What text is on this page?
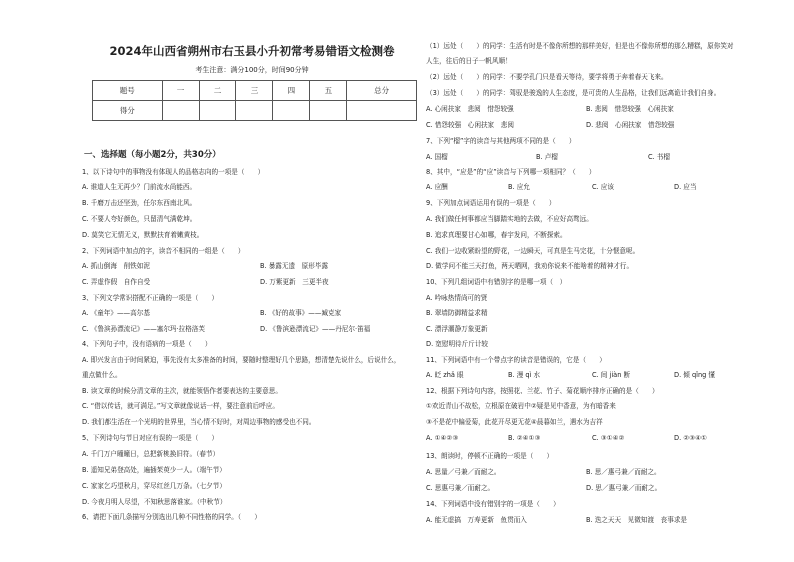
2024年山西省朔州市右玉县小升初常考易错语文检测卷
考生注意：满分100分，时间90分钟
题号	一	二	三	四	五	总分
得分						
一、选择题（每小题2分，共30分）
1、以下诗句中的事物没有体现人的品格志向的一项是（　　）
A. 谁道人生无再少？门前流水尚能西。
B. 千磨万击还坚劲，任尔东西南北风。
C. 不要人夸好颜色，只留清气满乾坤。
D. 莫笑它无情无义，默默扶育着嫩黄枝。
2、下列词语中加点的字，读音不相同的一组是（　　）
A. 抓山倒海　削铁如泥	B. 暴露无遗　原形毕露
C. 弄虚作假　自作自受	D. 万紫更新　三更半夜
3、下列文学常识搭配不正确的一项是（　　）
A. 《童年》——高尔基	B. 《好的故事》——臧克家
C. 《鲁滨孙漂流记》——塞尔玛·拉格洛芙	D. 《鲁滨逊漂流记》——丹尼尔·笛福
4、下列句子中，没有语病的一项是（　　）
A. 即兴发言由于时间紧迫，事先没有太多准备的时间，要随时整理好几个思路，想清楚先说什么，后说什么，
重点做什么。
B. 读文章的时候分清文章的主次，就能领悟作者要表达的主要意思。
C. “借以传话，就可满足。”写文章就像说话一样，要注意前后呼应。
D. 我们都生活在一个光明的世界里，当心情不好时，对周边事物的感受也不同。
5、下列诗句与节日对应有误的一项是（　　）
A. 千门万户曈曈日，总把新桃换旧符。（春节）
B. 遥知兄弟登高处，遍插茱萸少一人。（端午节）
C. 家家乞巧望秋月，穿尽红丝几万条。（七夕节）
D. 今夜月明人尽望，不知秋思落谁家。（中秋节）
6、请把下面几条描写分别选出几种不同性格的同学。（　　）
（1）远处（　　）的同学：生活有时是不像你所想的那样美好，但是也不像你所想的那么糟糕，原你笑对
人生，往后的日子一帆风顺！
（2）远处（　　）的同学：不要学孔门只是看天等待，要学将勇于奔着春天飞来。
（3）远处（　　）的同学：驾驭是骏逸的人生态度，是可贵的人生品格，让我们远离诡计我们自身。
A. 心闲扶家　悲阅　惜怨较强	B. 悲阅　惜怨较强　心闲扶家
C. 惜怨较强　心闲扶家　悲阅	D. 悲阅　心闲扶家　惜怨较强
7、下列“榴”字的读音与其他两项不同的是（　　）
A. 国榴	B. 卢榴	C. 书榴
8、其中，“应是”的“应”读音与下列哪一项相同？（　　）
A. 应酬	B. 应允	C. 应该	D. 应当
9、下列加点词语运用有误的一项是（　　）
A. 我们做任何事都应当脚踏实地的去做，不应好高骛远。
B. 追求真理要甘心如哪，春宇发问，不断探索。
C. 我们一边收紧盼望的野花，一边瞬天，可真是生马完花，十分惬意呢。
D. 做学问不能三天打鱼，两天晒网，我劝你说来不能啥着的精神才行。
10、下列几组词语中有错别字的是哪一项（　）
A. 吟咏热情尚可的贤
B. 翠墙防御精益求精
C. 漂浮潮静万象更新
D. 宽慰明待斤斤计较
11、下列词语中有一个带点字的读音是错误的，它是（　　）
A. 眨 zhǎ 眼	B. 漫 qì 水	C. 间 jiàn 断	D. 倾 qǐng 懂
12、根据下列诗句内容，按照花、兰花、竹子、菊花顺序排序正确的是（　　）
①欢近青山不故松，立根原在破岩中②疑是见中香意，为有暗香来
③不是花中偏爱菊，此花开尽更无花④晨暮如兰，遇水为吉祥
A. ①④②③	B. ②④①③	C. ③①④②	D. ②③④①
13、朗读时，停顿不正确的一项是（　　）
A. 思量／弓兼／而耐之。	B. 思／惠弓兼／而耐之。
C. 思惠弓兼／而耐之。	D. 思／惠弓兼／而耐之。
14、下列词语中没有错别字的一项是（　　）
A. 能无虚搞　万寿更新　鱼贯而入	B. 迭之天天　见微知渡　丧事求是
